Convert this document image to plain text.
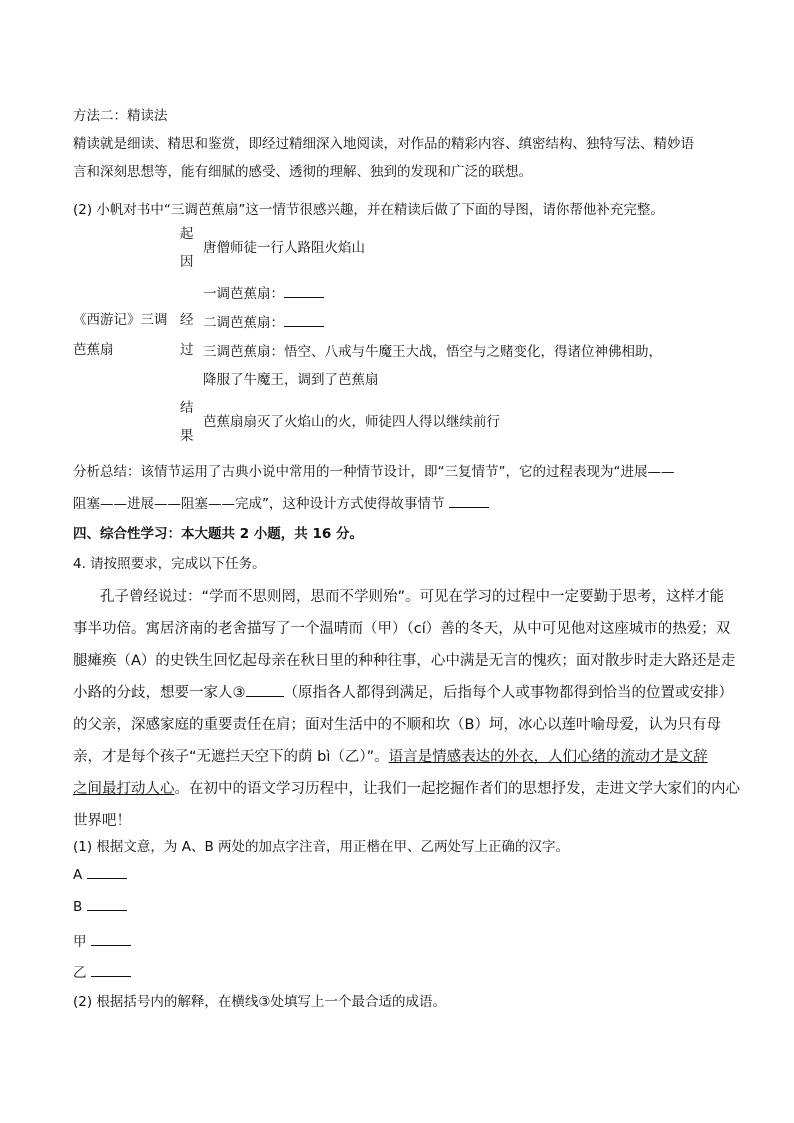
方法二：精读法
精读就是细读、精思和鉴赏，即经过精细深入地阅读，对作品的精彩内容、缜密结构、独特写法、精妙语
言和深刻思想等，能有细腻的感受、透彻的理解、独到的发现和广泛的联想。
(2) 小帆对书中“三调芭蕉扇”这一情节很感兴趣，并在精读后做了下面的导图，请你帮他补充完整。
《西游记》三调
芭蕉扇
起
因
唐僧师徒一行人路阻火焰山
经
过
一调芭蕉扇：
二调芭蕉扇：
三调芭蕉扇：悟空、八戒与牛魔王大战，悟空与之赌变化，得诸位神佛相助，
降服了牛魔王，调到了芭蕉扇
结
果
芭蕉扇扇灭了火焰山的火，师徒四人得以继续前行
分析总结：该情节运用了古典小说中常用的一种情节设计，即“三复情节”，它的过程表现为“进展——
阻塞——进展——阻塞——完成”，这种设计方式使得故事情节
四、综合性学习：本大题共 2 小题，共 16 分。
4. 请按照要求，完成以下任务。
孔子曾经说过：“学而不思则罔，思而不学则殆”。可见在学习的过程中一定要勤于思考，这样才能
事半功倍。寓居济南的老舍描写了一个温晴而（甲）（cí）善的冬天，从中可见他对这座城市的热爱；双
腿瘫痪（A）的史铁生回忆起母亲在秋日里的种种往事，心中满是无言的愧疚；面对散步时走大路还是走
小路的分歧，想要一家人③	（原指各人都得到满足，后指每个人或事物都得到恰当的位置或安排）
的父亲，深感家庭的重要责任在肩；面对生活中的不顺和坎（B）坷，冰心以莲叶喻母爱，认为只有母
亲，才是每个孩子“无遮拦天空下的荫 bì（乙）”。语言是情感表达的外衣，人们心绪的流动才是文辞
之间最打动人心。在初中的语文学习历程中，让我们一起挖掘作者们的思想抒发，走进文学大家们的内心
世界吧！
(1) 根据文意，为 A、B 两处的加点字注音，用正楷在甲、乙两处写上正确的汉字。
A
B
甲
乙
(2) 根据括号内的解释，在横线③处填写上一个最合适的成语。
